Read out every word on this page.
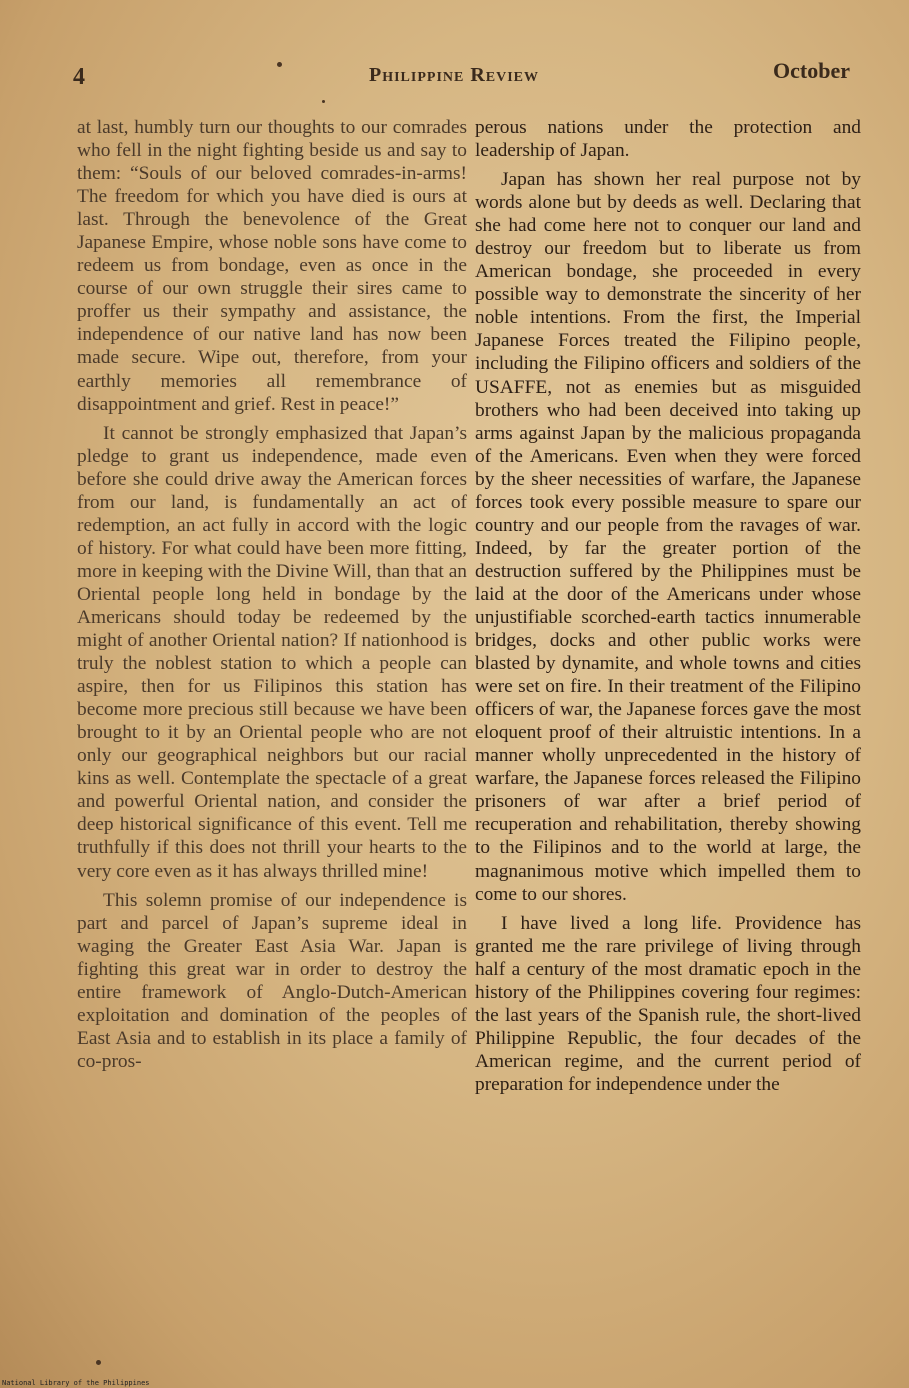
4	Philippine Review	October

at last, humbly turn our thoughts to our comrades who fell in the night fighting beside us and say to them: “Souls of our beloved comrades-in-arms! The freedom for which you have died is ours at last. Through the benevolence of the Great Japanese Empire, whose noble sons have come to redeem us from bondage, even as once in the course of our own struggle their sires came to proffer us their sympathy and assistance, the independence of our native land has now been made secure. Wipe out, therefore, from your earthly memories all remembrance of disappointment and grief. Rest in peace!”

It cannot be strongly emphasized that Japan’s pledge to grant us independence, made even before she could drive away the American forces from our land, is fundamentally an act of redemption, an act fully in accord with the logic of history. For what could have been more fitting, more in keeping with the Divine Will, than that an Oriental people long held in bondage by the Americans should today be redeemed by the might of another Oriental nation? If nationhood is truly the noblest station to which a people can aspire, then for us Filipinos this station has become more precious still because we have been brought to it by an Oriental people who are not only our geographical neighbors but our racial kins as well. Contemplate the spectacle of a great and powerful Oriental nation, and consider the deep historical significance of this event. Tell me truthfully if this does not thrill your hearts to the very core even as it has always thrilled mine!

This solemn promise of our independence is part and parcel of Japan’s supreme ideal in waging the Greater East Asia War. Japan is fighting this great war in order to destroy the entire framework of Anglo-Dutch-American exploitation and domination of the peoples of East Asia and to establish in its place a family of co-pros-

perous nations under the protection and leadership of Japan.

Japan has shown her real purpose not by words alone but by deeds as well. Declaring that she had come here not to conquer our land and destroy our freedom but to liberate us from American bondage, she proceeded in every possible way to demonstrate the sincerity of her noble intentions. From the first, the Imperial Japanese Forces treated the Filipino people, including the Filipino officers and soldiers of the USAFFE, not as enemies but as misguided brothers who had been deceived into taking up arms against Japan by the malicious propaganda of the Americans. Even when they were forced by the sheer necessities of warfare, the Japanese forces took every possible measure to spare our country and our people from the ravages of war. Indeed, by far the greater portion of the destruction suffered by the Philippines must be laid at the door of the Americans under whose unjustifiable scorched-earth tactics innumerable bridges, docks and other public works were blasted by dynamite, and whole towns and cities were set on fire. In their treatment of the Filipino officers of war, the Japanese forces gave the most eloquent proof of their altruistic intentions. In a manner wholly unprecedented in the history of warfare, the Japanese forces released the Filipino prisoners of war after a brief period of recuperation and rehabilitation, thereby showing to the Filipinos and to the world at large, the magnanimous motive which impelled them to come to our shores.

I have lived a long life. Providence has granted me the rare privilege of living through half a century of the most dramatic epoch in the history of the Philippines covering four regimes: the last years of the Spanish rule, the short-lived Philippine Republic, the four decades of the American regime, and the current period of preparation for independence under the

National Library of the Philippines
